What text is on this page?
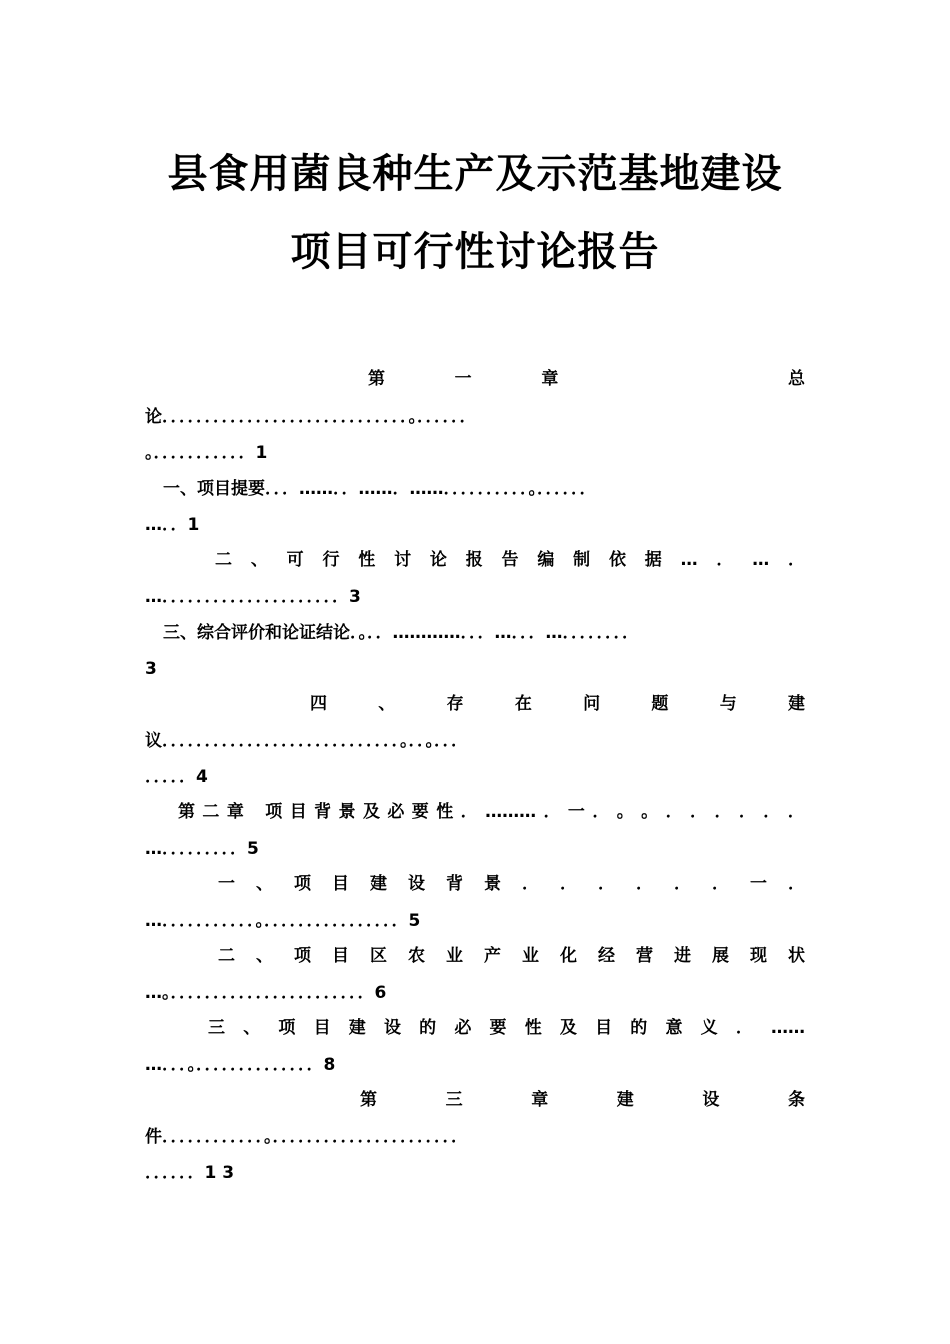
县食用菌良种生产及示范基地建设
项目可行性讨论报告
第	一	章	总
论．．．．．．．．．．．．．．．．．．．．．．．．．．．．．。．．．．．．
。．．．．．．．．．．．1
一、项目提要．．．……．．……．……．．．．．．．．．．。．．．．．．
…．．1
二 、 可 行 性 讨 论 报 告 编 制 依 据 … ． … ．
…．．．．．．．．．．．．．．．．．．．．．3
三、综合评价和论证结论．。．．…………．．．…．．．…．．．．．．．．
3
四	、	存	在	问	题	与	建
议．．．．．．．．．．．．．．．．．．．．．．．．．．．．。．．。．．．
．．．．．4
第 二 章 项 目 背 景 及 必 要 性 ． ……… ． 一 ． 。 。 ． ． ． ． ． ．
…．．．．．．．．．5
一 、 项 目 建 设 背 景 ． ． ． ． ． ． 一 ．
…．．．．．．．．．．．。．．．．．．．．．．．．．．．．5
二 、 项 目 区 农 业 产 业 化 经 营 进 展 现 状
…。．．．．．．．．．．．．．．．．．．．．．．．6
三 、 项 目 建 设 的 必 要 性 及 目 的 意 义 ． ……
…．．．。．．．．．．．．．．．．．．8
第	三	章	建	设	条
件．．．．．．．．．．．．。．．．．．．．．．．．．．．．．．．．．．．
．．．．．．1 3
